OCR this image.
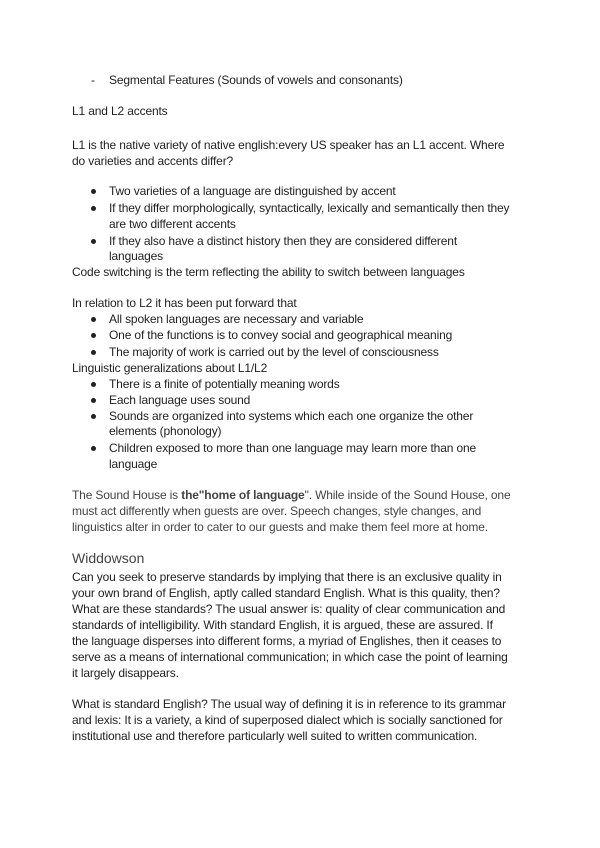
- Segmental Features (Sounds of vowels and consonants)
L1 and L2 accents
L1 is the native variety of native english:every US speaker has an L1 accent. Where
do varieties and accents differ?
Two varieties of a language are distinguished by accent
If they differ morphologically, syntactically, lexically and semantically then they
are two different accents
If they also have a distinct history then they are considered different
languages
Code switching is the term reflecting the ability to switch between languages
In relation to L2 it has been put forward that
All spoken languages are necessary and variable
One of the functions is to convey social and geographical meaning
The majority of work is carried out by the level of consciousness
Linguistic generalizations about L1/L2
There is a finite of potentially meaning words
Each language uses sound
Sounds are organized into systems which each one organize the other
elements (phonology)
Children exposed to more than one language may learn more than one
language
The Sound House is the"home of language". While inside of the Sound House, one
must act differently when guests are over. Speech changes, style changes, and
linguistics alter in order to cater to our guests and make them feel more at home.
Widdowson
Can you seek to preserve standards by implying that there is an exclusive quality in
your own brand of English, aptly called standard English. What is this quality, then?
What are these standards? The usual answer is: quality of clear communication and
standards of intelligibility. With standard English, it is argued, these are assured. If
the language disperses into different forms, a myriad of Englishes, then it ceases to
serve as a means of international communication; in which case the point of learning
it largely disappears.
What is standard English? The usual way of defining it is in reference to its grammar
and lexis: It is a variety, a kind of superposed dialect which is socially sanctioned for
institutional use and therefore particularly well suited to written communication.
